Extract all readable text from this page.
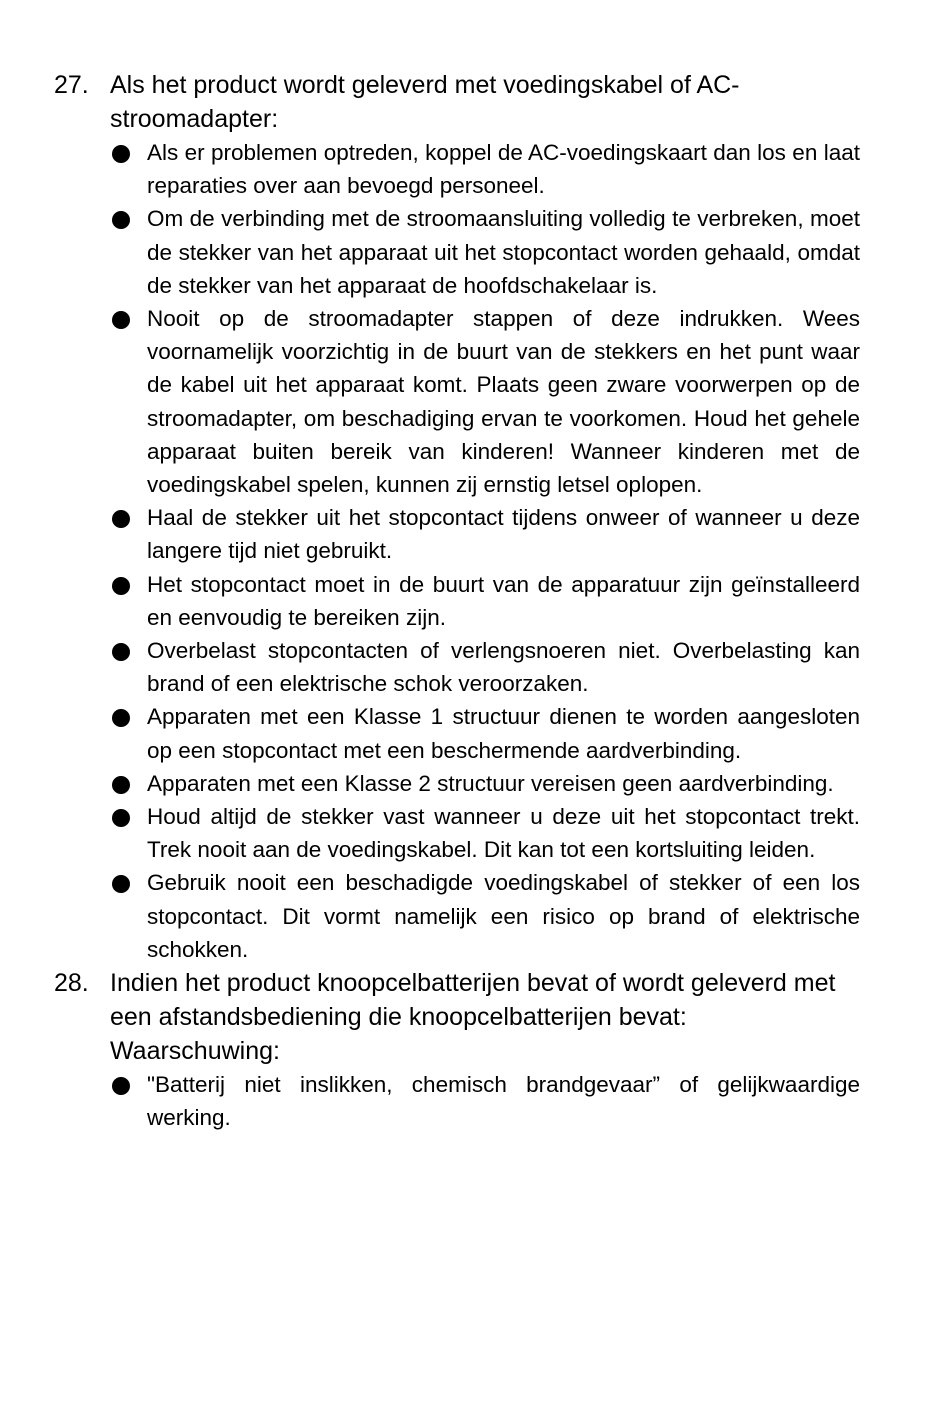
27. Als het product wordt geleverd met voedingskabel of AC-stroomadapter:
Als er problemen optreden, koppel de AC-voedingskaart dan los en laat reparaties over aan bevoegd personeel.
Om de verbinding met de stroomaansluiting volledig te verbreken, moet de stekker van het apparaat uit het stopcontact worden gehaald, omdat de stekker van het apparaat de hoofdschakelaar is.
Nooit op de stroomadapter stappen of deze indrukken. Wees voornamelijk voorzichtig in de buurt van de stekkers en het punt waar de kabel uit het apparaat komt. Plaats geen zware voorwerpen op de stroomadapter, om beschadiging ervan te voorkomen. Houd het gehele apparaat buiten bereik van kinderen! Wanneer kinderen met de voedingskabel spelen, kunnen zij ernstig letsel oplopen.
Haal de stekker uit het stopcontact tijdens onweer of wanneer u deze langere tijd niet gebruikt.
Het stopcontact moet in de buurt van de apparatuur zijn geïnstalleerd en eenvoudig te bereiken zijn.
Overbelast stopcontacten of verlengsnoeren niet. Overbelasting kan brand of een elektrische schok veroorzaken.
Apparaten met een Klasse 1 structuur dienen te worden aangesloten op een stopcontact met een beschermende aardverbinding.
Apparaten met een Klasse 2 structuur vereisen geen aardverbinding.
Houd altijd de stekker vast wanneer u deze uit het stopcontact trekt. Trek nooit aan de voedingskabel. Dit kan tot een kortsluiting leiden.
Gebruik nooit een beschadigde voedingskabel of stekker of een los stopcontact. Dit vormt namelijk een risico op brand of elektrische schokken.
28. Indien het product knoopcelbatterijen bevat of wordt geleverd met een afstandsbediening die knoopcelbatterijen bevat:
Waarschuwing:
"Batterij niet inslikken, chemisch brandgevaar” of gelijkwaardige werking.
